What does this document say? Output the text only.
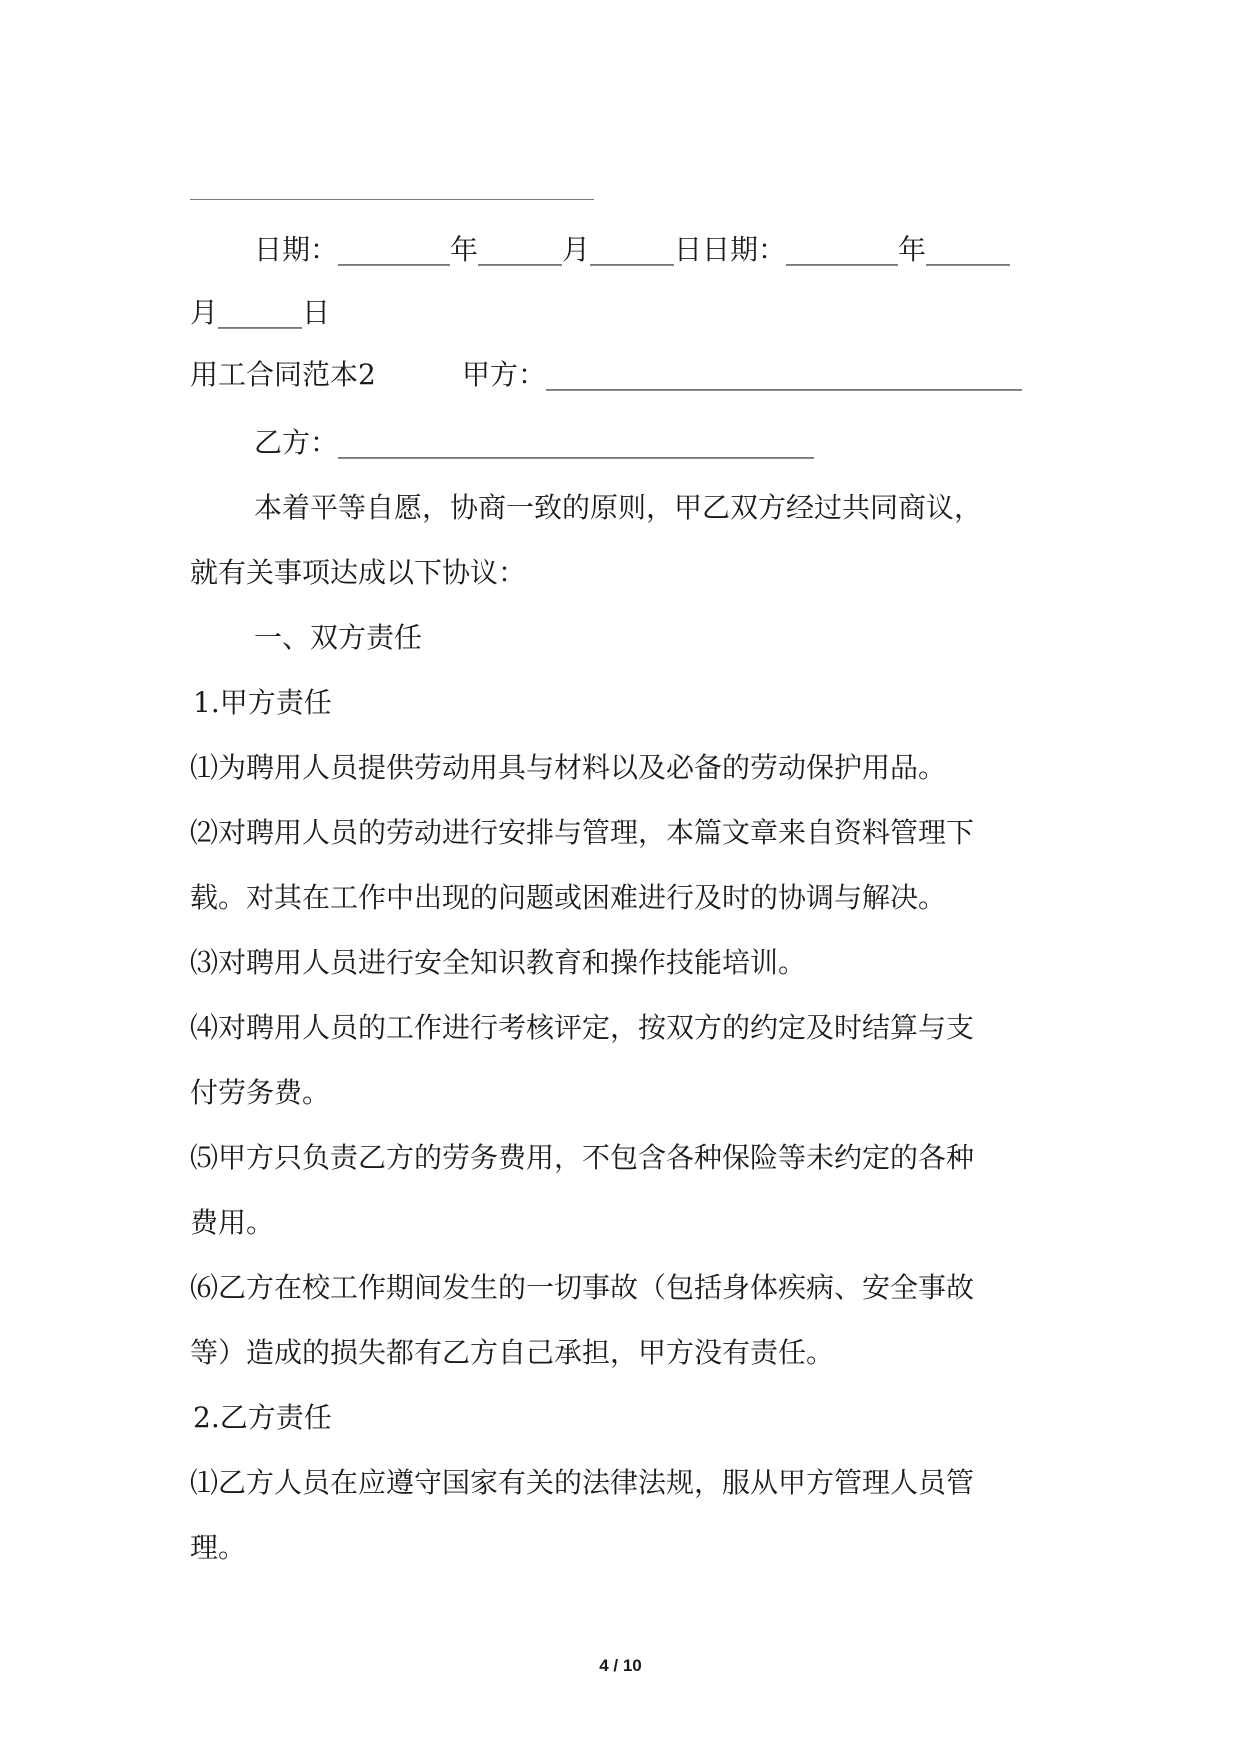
日期：________年______月______日日期：________年______

月______日

用工合同范本2

	甲方：__________________________________

乙方：__________________________________

本着平等自愿，协商一致的原则，甲乙双方经过共同商议，

就有关事项达成以下协议：

一、双方责任

1.甲方责任

⑴为聘用人员提供劳动用具与材料以及必备的劳动保护用品。

⑵对聘用人员的劳动进行安排与管理，本篇文章来自资料管理下

载。对其在工作中出现的问题或困难进行及时的协调与解决。

⑶对聘用人员进行安全知识教育和操作技能培训。

⑷对聘用人员的工作进行考核评定，按双方的约定及时结算与支

付劳务费。

⑸甲方只负责乙方的劳务费用，不包含各种保险等未约定的各种

费用。

⑹乙方在校工作期间发生的一切事故（包括身体疾病、安全事故

等）造成的损失都有乙方自己承担，甲方没有责任。

2.乙方责任

⑴乙方人员在应遵守国家有关的法律法规，服从甲方管理人员管

理。

4 / 10
